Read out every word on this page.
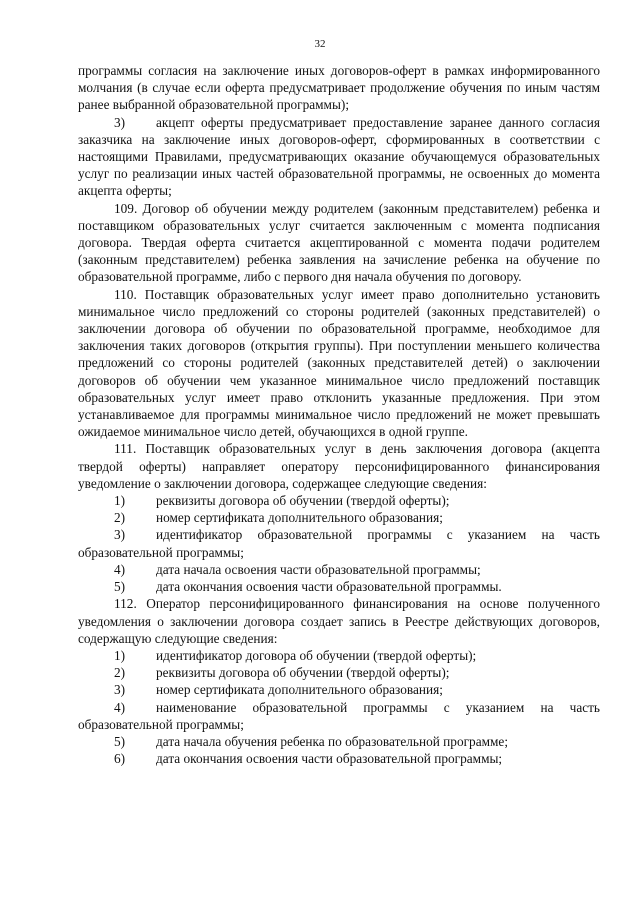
32

программы согласия на заключение иных договоров-оферт в рамках информированного молчания (в случае если оферта предусматривает продолжение обучения по иным частям ранее выбранной образовательной программы);

3) акцепт оферты предусматривает предоставление заранее данного согласия заказчика на заключение иных договоров-оферт, сформированных в соответствии с настоящими Правилами, предусматривающих оказание обучающемуся образовательных услуг по реализации иных частей образовательной программы, не освоенных до момента акцепта оферты;

109. Договор об обучении между родителем (законным представителем) ребенка и поставщиком образовательных услуг считается заключенным с момента подписания договора. Твердая оферта считается акцептированной с момента подачи родителем (законным представителем) ребенка заявления на зачисление ребенка на обучение по образовательной программе, либо с первого дня начала обучения по договору.

110. Поставщик образовательных услуг имеет право дополнительно установить минимальное число предложений со стороны родителей (законных представителей) о заключении договора об обучении по образовательной программе, необходимое для заключения таких договоров (открытия группы). При поступлении меньшего количества предложений со стороны родителей (законных представителей детей) о заключении договоров об обучении чем указанное минимальное число предложений поставщик образовательных услуг имеет право отклонить указанные предложения. При этом устанавливаемое для программы минимальное число предложений не может превышать ожидаемое минимальное число детей, обучающихся в одной группе.

111. Поставщик образовательных услуг в день заключения договора (акцепта твердой оферты) направляет оператору персонифицированного финансирования уведомление о заключении договора, содержащее следующие сведения:

1) реквизиты договора об обучении (твердой оферты);

2) номер сертификата дополнительного образования;

3) идентификатор образовательной программы с указанием на часть образовательной программы;

4) дата начала освоения части образовательной программы;

5) дата окончания освоения части образовательной программы.

112. Оператор персонифицированного финансирования на основе полученного уведомления о заключении договора создает запись в Реестре действующих договоров, содержащую следующие сведения:

1) идентификатор договора об обучении (твердой оферты);

2) реквизиты договора об обучении (твердой оферты);

3) номер сертификата дополнительного образования;

4) наименование образовательной программы с указанием на часть образовательной программы;

5) дата начала обучения ребенка по образовательной программе;

6) дата окончания освоения части образовательной программы;
